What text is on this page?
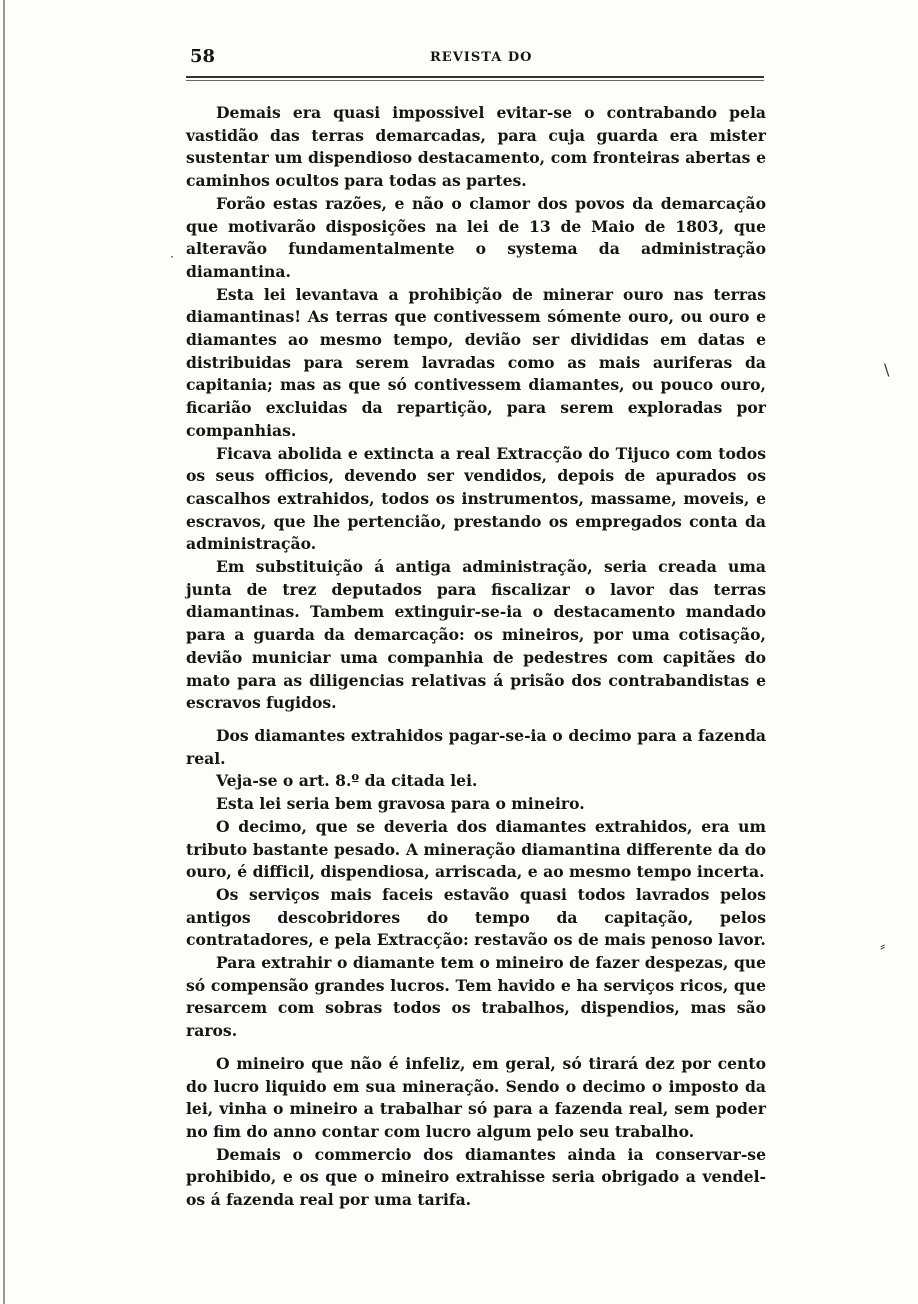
58	REVISTA DO

Demais era quasi impossivel evitar-se o contrabando pela vastidão das terras demarcadas, para cuja guarda era mister sustentar um dispendioso destacamento, com fronteiras abertas e caminhos ocultos para todas as partes.

Forão estas razões, e não o clamor dos povos da demarcação que motivarão disposições na lei de 13 de Maio de 1803, que alteravão fundamentalmente o systema da administração diamantina.

Esta lei levantava a prohibição de minerar ouro nas terras diamantinas! As terras que contivessem sómente ouro, ou ouro e diamantes ao mesmo tempo, devião ser divididas em datas e distribuidas para serem lavradas como as mais auriferas da capitania; mas as que só contivessem diamantes, ou pouco ouro, ficarião excluidas da repartição, para serem exploradas por companhias.

Ficava abolida e extincta a real Extracção do Tijuco com todos os seus officios, devendo ser vendidos, depois de apurados os cascalhos extrahidos, todos os instrumentos, massame, moveis, e escravos, que lhe pertencião, prestando os empregados conta da administração.

Em substituição á antiga administração, seria creada uma junta de trez deputados para fiscalizar o lavor das terras diamantinas. Tambem extinguir-se-ia o destacamento mandado para a guarda da demarcação: os mineiros, por uma cotisação, devião municiar uma companhia de pedestres com capitães do mato para as diligencias relativas á prisão dos contrabandistas e escravos fugidos.

Dos diamantes extrahidos pagar-se-ia o decimo para a fazenda real.

Veja-se o art. 8.º da citada lei.

Esta lei seria bem gravosa para o mineiro.

O decimo, que se deveria dos diamantes extrahidos, era um tributo bastante pesado. A mineração diamantina differente da do ouro, é difficil, dispendiosa, arriscada, e ao mesmo tempo incerta.

Os serviços mais faceis estavão quasi todos lavrados pelos antigos descobridores do tempo da capitação, pelos contratadores, e pela Extracção: restavão os de mais penoso lavor.

Para extrahir o diamante tem o mineiro de fazer despezas, que só compensão grandes lucros. Tem havido e ha serviços ricos, que resarcem com sobras todos os trabalhos, dispendios, mas são raros.

O mineiro que não é infeliz, em geral, só tirará dez por cento do lucro liquido em sua mineração. Sendo o decimo o imposto da lei, vinha o mineiro a trabalhar só para a fazenda real, sem poder no fim do anno contar com lucro algum pelo seu trabalho.

Demais o commercio dos diamantes ainda ia conservar-se prohibido, e os que o mineiro extrahisse seria obrigado a vendel-os á fazenda real por uma tarifa.

\
⸗
·
